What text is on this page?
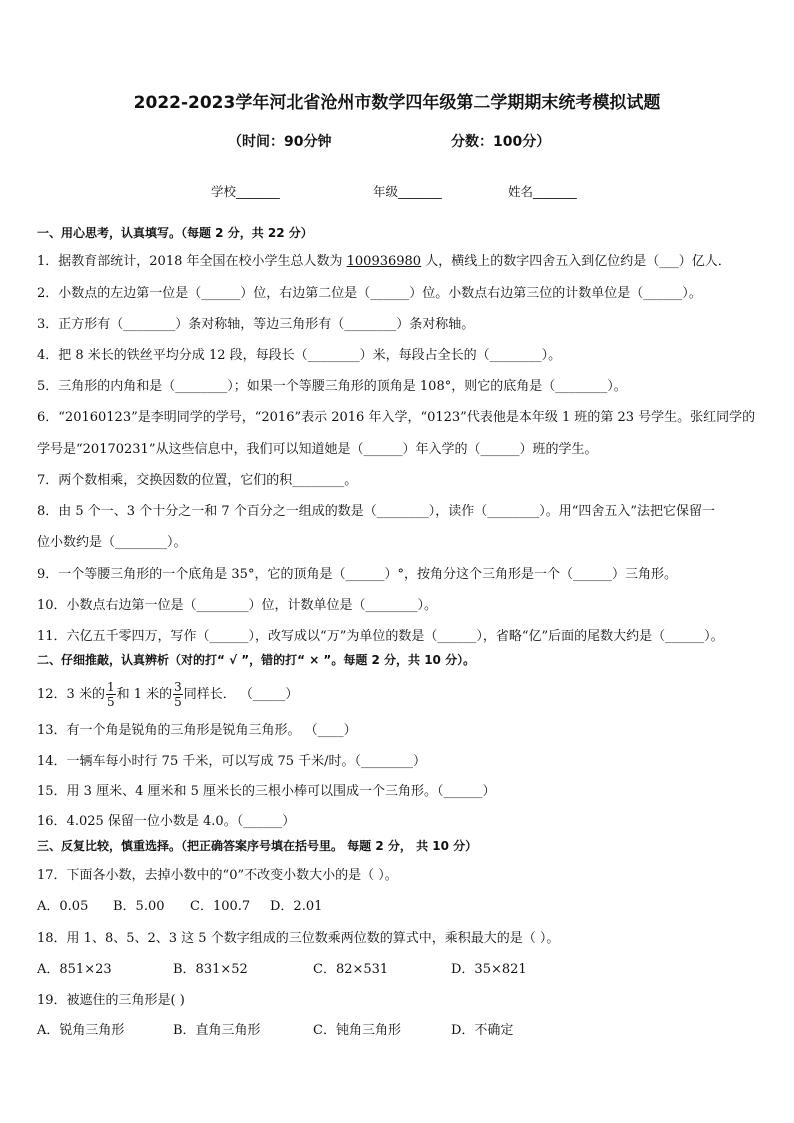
2022-2023学年河北省沧州市数学四年级第二学期期末统考模拟试题
（时间：90分钟	分数：100分）
学校_______	年级_______	姓名_______
一、用心思考，认真填写。（每题 2 分，共 22 分）
1．据教育部统计，2018 年全国在校小学生总人数为 100936980 人，横线上的数字四舍五入到亿位约是（___）亿人．
2．小数点的左边第一位是（______）位，右边第二位是（______）位。小数点右边第三位的计数单位是（______）。
3．正方形有（________）条对称轴，等边三角形有（________）条对称轴。
4．把 8 米长的铁丝平均分成 12 段，每段长（________）米，每段占全长的（________）。
5．三角形的内角和是（________）；如果一个等腰三角形的顶角是 108°，则它的底角是（________）。
6．“20160123”是李明同学的学号，“2016”表示 2016 年入学，“0123”代表他是本年级 1 班的第 23 号学生。张红同学的
学号是“20170231”从这些信息中，我们可以知道她是（______）年入学的（______）班的学生。
7．两个数相乘，交换因数的位置，它们的积________。
8．由 5 个一、3 个十分之一和 7 个百分之一组成的数是（________），读作（________）。用“四舍五入”法把它保留一
位小数约是（________）。
9．一个等腰三角形的一个底角是 35°，它的顶角是（______）°，按角分这个三角形是一个（______）三角形。
10．小数点右边第一位是（________）位，计数单位是（________）。
11．六亿五千零四万，写作（______），改写成以“万”为单位的数是（______），省略“亿”后面的尾数大约是（______）。
二、仔细推敲，认真辨析（对的打“ √ ”，错的打“ × ”。每题 2 分，共 10 分）。
12．3 米的 $\frac{1}{5}$ 和 1 米的 $\frac{3}{5}$ 同样长． （_____）
13．有一个角是锐角的三角形是锐角三角形。 （____）
14．一辆车每小时行 75 千米，可以写成 75 千米/时。（________）
15．用 3 厘米、4 厘米和 5 厘米长的三根小棒可以围成一个三角形。（______）
16．4.025 保留一位小数是 4.0。（______）
三、反复比较，慎重选择。（把正确答案序号填在括号里。 每题 2 分， 共 10 分）
17．下面各小数，去掉小数中的“0”不改变小数大小的是（ ）。
A．0.05 B．5.00 C．100.7 D．2.01
18．用 1、8、5、2、3 这 5 个数字组成的三位数乘两位数的算式中，乘积最大的是（ ）。
A．851×23	B．831×52	C．82×531	D．35×821
19．被遮住的三角形是( )
A．锐角三角形	B．直角三角形	C．钝角三角形	D．不确定
